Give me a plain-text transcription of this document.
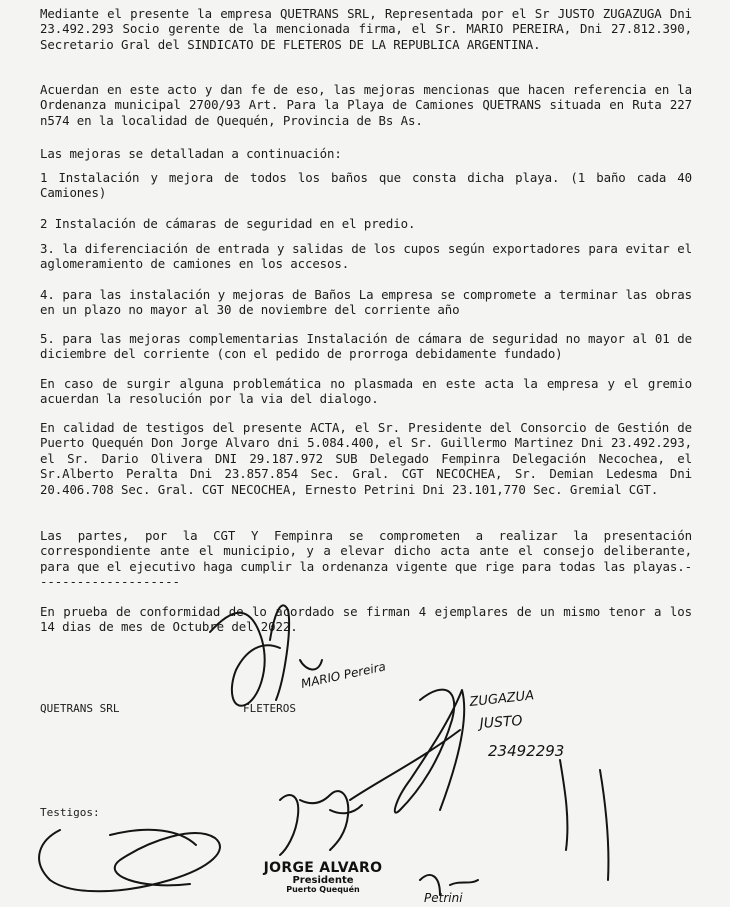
Mediante el presente la empresa QUETRANS SRL, Representada por el Sr JUSTO ZUGAZUGA Dni 23.492.293 Socio gerente de la mencionada firma, el Sr. MARIO PEREIRA, Dni 27.812.390, Secretario Gral del SINDICATO DE FLETEROS DE LA REPUBLICA ARGENTINA.
Acuerdan en este acto y dan fe de eso, las mejoras mencionas que hacen referencia en la Ordenanza municipal 2700/93 Art. Para la Playa de Camiones QUETRANS situada en Ruta 227 n574 en la localidad de Quequén, Provincia de Bs As.
Las mejoras se detalladan a continuación:
1 Instalación y mejora de todos los baños que consta dicha playa. (1 baño cada 40 Camiones)
2 Instalación de cámaras de seguridad en el predio.
3. la diferenciación de entrada y salidas de los cupos según exportadores para evitar el aglomeramiento de camiones en los accesos.
4. para las instalación y mejoras de Baños La empresa se compromete a terminar las obras en un plazo no mayor al 30 de noviembre del corriente año
5. para las mejoras complementarias Instalación de cámara de seguridad no mayor al 01 de diciembre del corriente (con el pedido de prorroga debidamente fundado)
En caso de surgir alguna problemática no plasmada en este acta la empresa y el gremio acuerdan la resolución por la via del dialogo.
En calidad de testigos del presente ACTA, el Sr. Presidente del Consorcio de Gestión de Puerto Quequén Don Jorge Alvaro dni 5.084.400, el Sr. Guillermo Martinez Dni 23.492.293, el Sr. Dario Olivera DNI 29.187.972 SUB Delegado Fempinra Delegación Necochea, el Sr.Alberto Peralta Dni 23.857.854 Sec. Gral. CGT NECOCHEA, Sr. Demian Ledesma Dni 20.406.708 Sec. Gral. CGT NECOCHEA, Ernesto Petrini Dni 23.101,770 Sec. Gremial CGT.
Las partes, por la CGT Y Fempinra se comprometen a realizar la presentación correspondiente ante el municipio, y a elevar dicho acta ante el consejo deliberante, para que el ejecutivo haga cumplir la ordenanza vigente que rige para todas las playas.--------------------
En prueba de conformidad de lo acordado se firman 4 ejemplares de un mismo tenor a los 14 dias de mes de Octubre del 2022.
QUETRANS SRL	FLETEROS
Testigos:
JORGE ALVARO
Presidente
Puerto Quequén
MARIO Pereira
ZUGAZUA
JUSTO
23492293
Petrini
